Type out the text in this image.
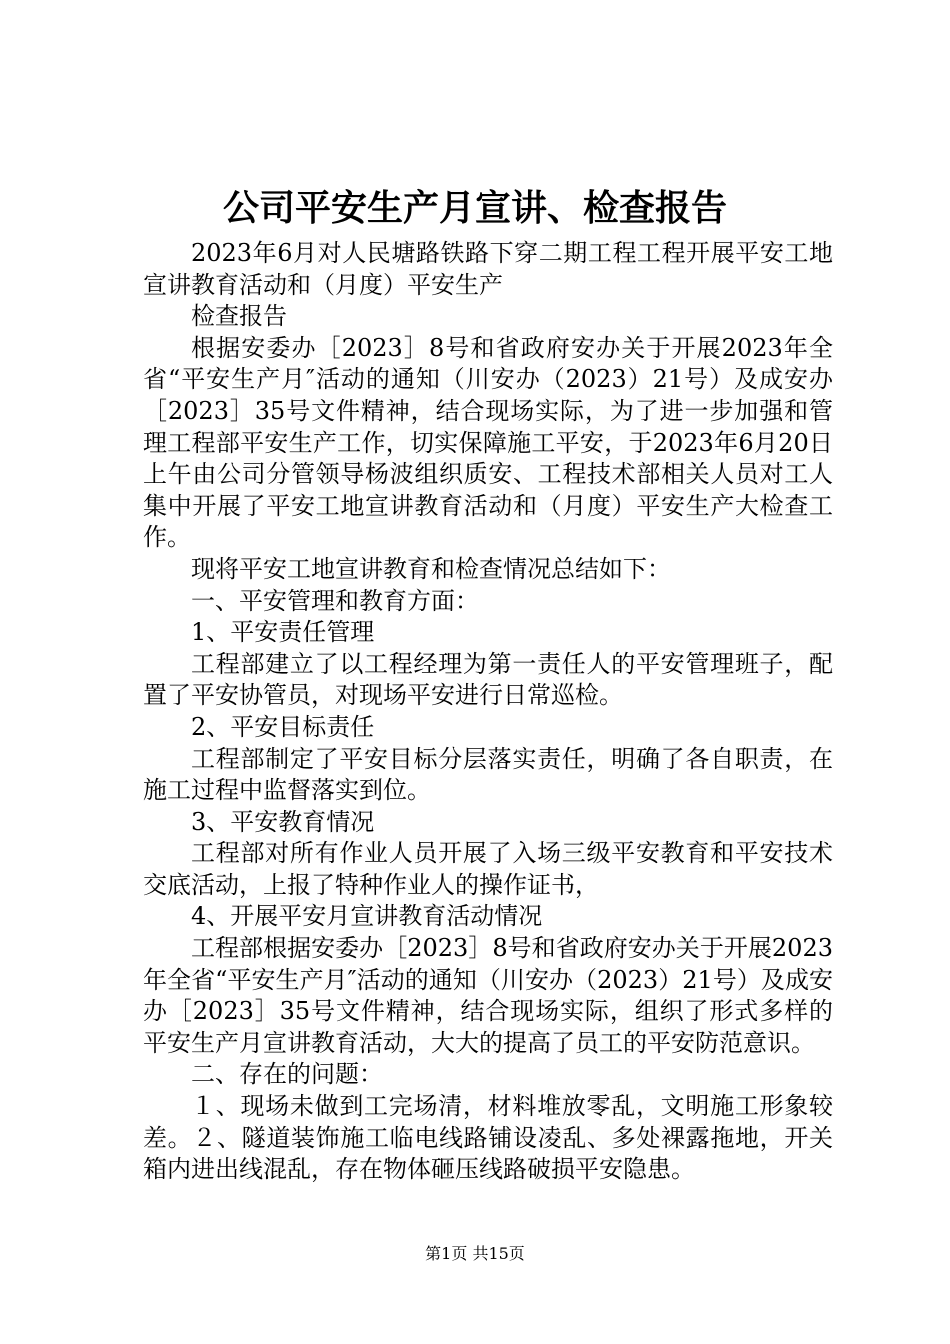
公司平安生产月宣讲、检查报告

2023年6月对人民塘路铁路下穿二期工程工程开展平安工地宣讲教育活动和（月度）平安生产

检查报告

根据安委办［2023］8号和省政府安办关于开展2023年全省“平安生产月″活动的通知（川安办（2023）21号）及成安办［2023］35号文件精神，结合现场实际，为了进一步加强和管理工程部平安生产工作，切实保障施工平安，于2023年6月20日上午由公司分管领导杨波组织质安、工程技术部相关人员对工人集中开展了平安工地宣讲教育活动和（月度）平安生产大检查工作。

现将平安工地宣讲教育和检查情况总结如下：

一、平安管理和教育方面：

1、平安责任管理

工程部建立了以工程经理为第一责任人的平安管理班子，配置了平安协管员，对现场平安进行日常巡检。

2、平安目标责任

工程部制定了平安目标分层落实责任，明确了各自职责，在施工过程中监督落实到位。

3、平安教育情况

工程部对所有作业人员开展了入场三级平安教育和平安技术交底活动，上报了特种作业人的操作证书，

4、开展平安月宣讲教育活动情况

工程部根据安委办［2023］8号和省政府安办关于开展2023年全省“平安生产月″活动的通知（川安办（2023）21号）及成安办［2023］35号文件精神，结合现场实际，组织了形式多样的平安生产月宣讲教育活动，大大的提高了员工的平安防范意识。

二、存在的问题：

１、现场未做到工完场清，材料堆放零乱，文明施工形象较差。２、隧道装饰施工临电线路铺设凌乱、多处裸露拖地，开关箱内进出线混乱，存在物体砸压线路破损平安隐患。

第1页 共15页
